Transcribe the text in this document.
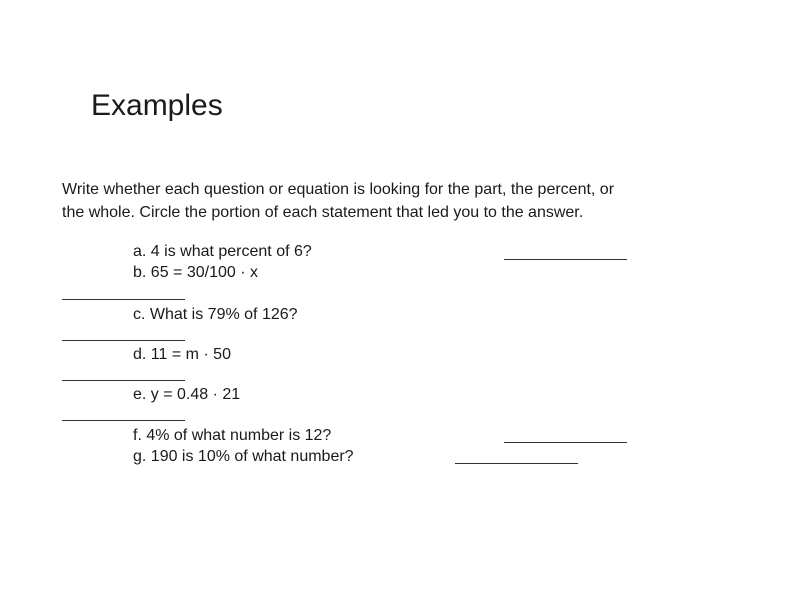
Examples
Write whether each question or equation is looking for the part, the percent, or
the whole. Circle the portion of each statement that led you to the answer.
a. 4 is what percent of 6?
b. 65 = 30/100 · x
c. What is 79% of 126?
d. 11 = m · 50
e. y = 0.48 · 21
f. 4% of what number is 12?
g. 190 is 10% of what number?
